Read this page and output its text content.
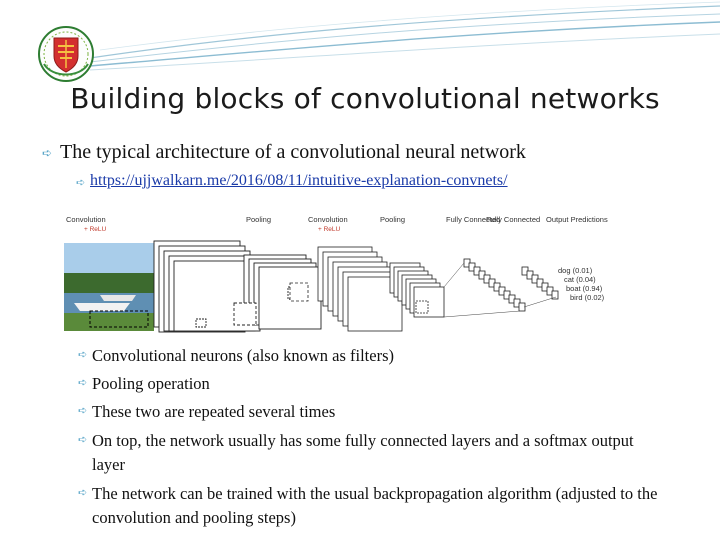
Building blocks of convolutional networks
➪ The typical architecture of a convolutional neural network
➪ https://ujjwalkarn.me/2016/08/11/intuitive-explanation-convnets/
Convolution
+ ReLU
Pooling	Convolution
+ ReLU
Pooling	Fully Connected
Fully Connected Output Predictions
dog (0.01)
cat (0.04)
boat (0.94)
bird (0.02)
➪ Convolutional neurons (also known as filters)
➪ Pooling operation
➪ These two are repeated several times
➪ On top, the network usually has some fully connected layers and a softmax output layer
➪ The network can be trained with the usual backpropagation algorithm (adjusted to the convolution and pooling steps)
